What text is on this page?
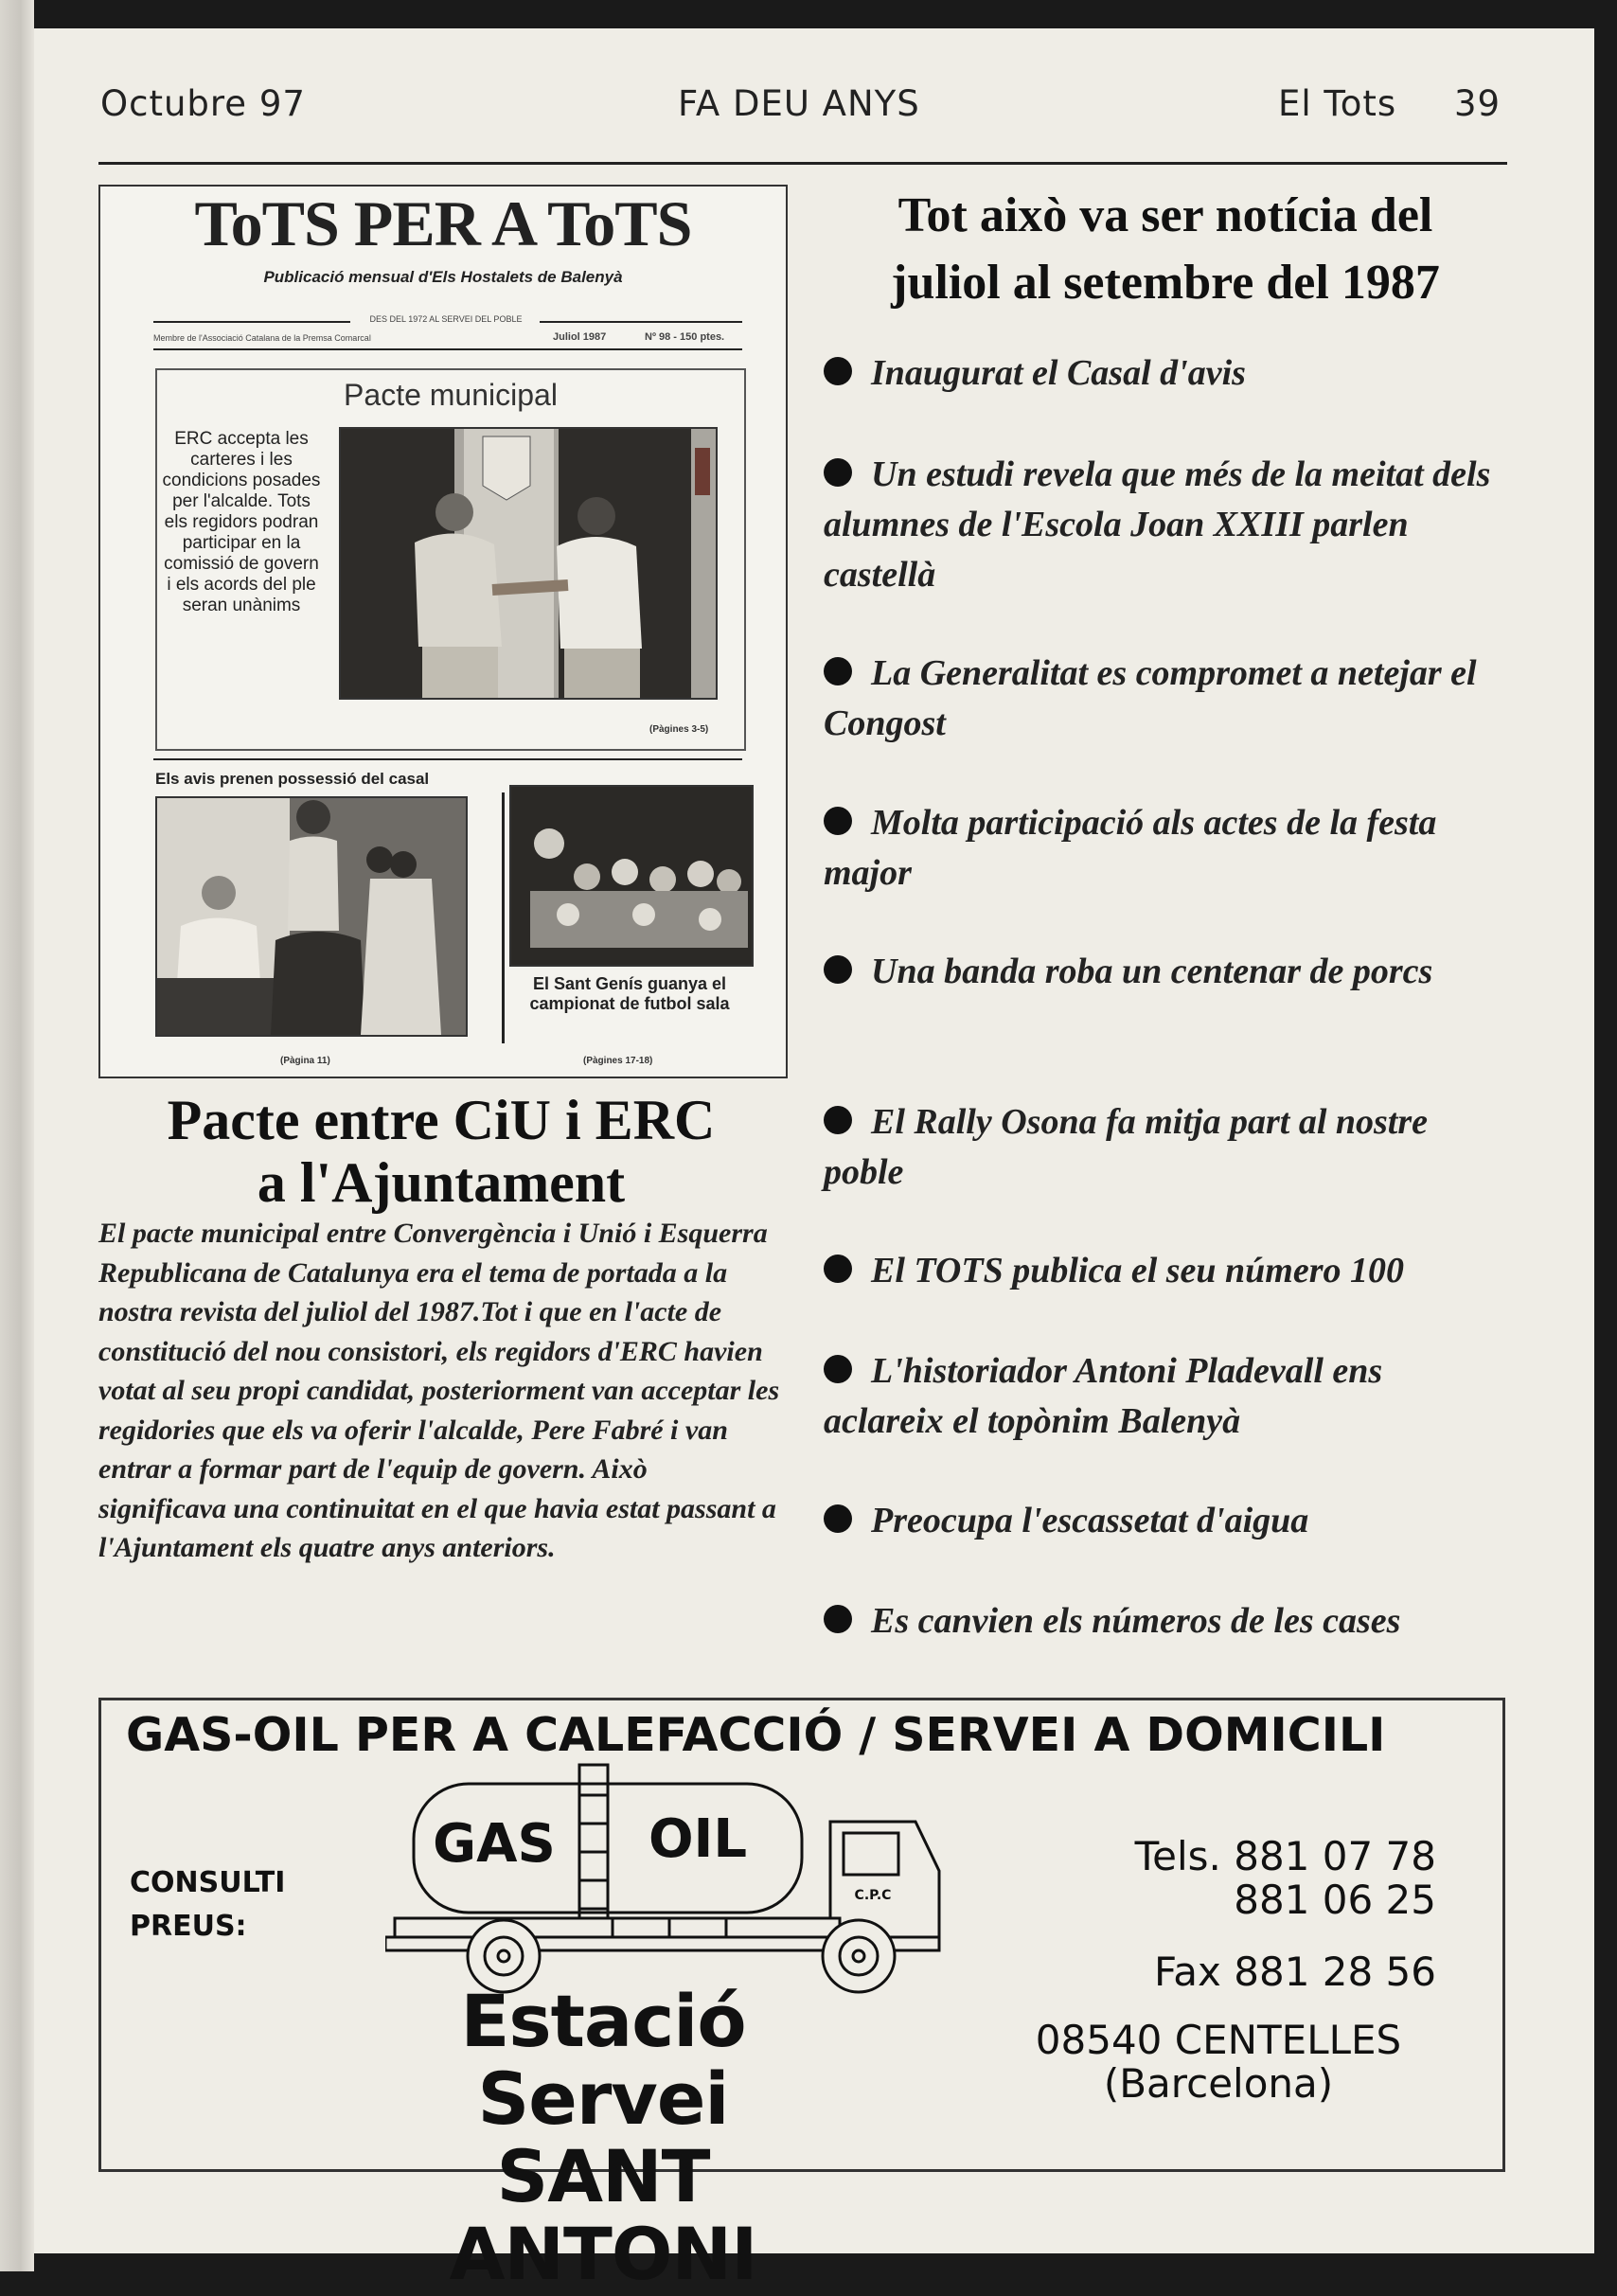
Octubre 97	FA DEU ANYS	El Tots 39
ToTS PER A ToTS
Publicació mensual d'Els Hostalets de Balenyà
DES DEL 1972 AL SERVEI DEL POBLE
Membre de l'Associació Catalana de la Premsa Comarcal	Juliol 1987	Nº 98 - 150 ptes.
Pacte municipal
ERC accepta les carteres i les condicions posades per l'alcalde. Tots els regidors podran participar en la comissió de govern i els acords del ple seran unànims
(Pàgines 3-5)
Els avis prenen possessió del casal
El Sant Genís guanya el campionat de futbol sala
(Pàgina 11)	(Pàgines 17-18)
Pacte entre CiU i ERC
a l'Ajuntament
El pacte municipal entre Convergència i Unió i Esquerra Republicana de Catalunya era el tema de portada a la nostra revista del juliol del 1987.Tot i que en l'acte de constitució del nou consistori, els regidors d'ERC havien votat al seu propi candidat, posteriorment van acceptar les regidories que els va oferir l'alcalde, Pere Fabré i van entrar a formar part de l'equip de govern. Això significava una continuitat en el que havia estat passant a l'Ajuntament els quatre anys anteriors.
Tot això va ser notícia del
juliol al setembre del 1987
Inaugurat el Casal d'avis
Un estudi revela que més de la meitat dels alumnes de l'Escola Joan XXIII parlen castellà
La Generalitat es compromet a netejar el Congost
Molta participació als actes de la festa major
Una banda roba un centenar de porcs
El Rally Osona fa mitja part al nostre poble
El TOTS publica el seu número 100
L'historiador Antoni Pladevall ens aclareix el topònim Balenyà
Preocupa l'escassetat d'aigua
Es canvien els números de les cases
GAS-OIL PER A CALEFACCIÓ / SERVEI A DOMICILI
CONSULTI
PREUS:
GAS OIL
C.P.C
Estació Servei
SANT ANTONI
Tels. 881 07 78
881 06 25
Fax 881 28 56
08540 CENTELLES
(Barcelona)
